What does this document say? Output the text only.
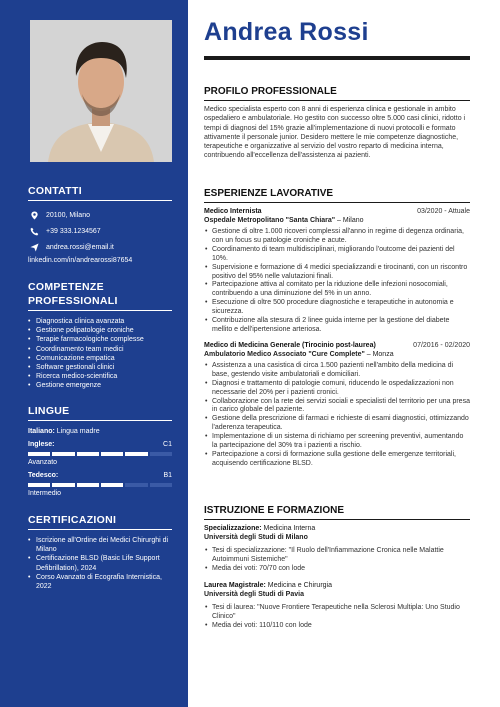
CONTATTI
20100, Milano
+39 333.1234567
andrea.rossi@email.it
linkedin.com/in/andrearossi87654
COMPETENZE
PROFESSIONALI
• Diagnostica clinica avanzata
• Gestione polipatologie croniche
• Terapie farmacologiche complesse
• Coordinamento team medici
• Comunicazione empatica
• Software gestionali clinici
• Ricerca medico-scientifica
• Gestione emergenze
LINGUE
Italiano:
Lingua madre
Inglese:	C1
Avanzato
Tedesco:	B1
Intermedio
CERTIFICAZIONI
• Iscrizione all'Ordine dei Medici Chirurghi di Milano
• Certificazione BLSD (Basic Life Support Defibrillation), 2024
• Corso Avanzato di Ecografia Internistica, 2022
Andrea Rossi
PROFILO PROFESSIONALE
Medico specialista esperto con 8 anni di esperienza clinica e gestionale in ambito ospedaliero e ambulatoriale. Ho gestito con successo oltre 5.000 casi clinici, ridotto i tempi di diagnosi del 15% grazie all'implementazione di nuovi protocolli e formato attivamente il personale junior. Desidero mettere le mie competenze diagnostiche, terapeutiche e organizzative al servizio del vostro reparto di medicina interna, contribuendo all'eccellenza dell'assistenza ai pazienti.
ESPERIENZE LAVORATIVE
Medico Internista	03/2020 - Attuale
Ospedale Metropolitano "Santa Chiara" – Milano
• Gestione di oltre 1.000 ricoveri complessi all'anno in regime di degenza ordinaria, con un focus su patologie croniche e acute.
• Coordinamento di team multidisciplinari, migliorando l'outcome dei pazienti del 10%.
• Supervisione e formazione di 4 medici specializzandi e tirocinanti, con un riscontro positivo del 95% nelle valutazioni finali.
• Partecipazione attiva al comitato per la riduzione delle infezioni nosocomiali, contribuendo a una diminuzione del 5% in un anno.
• Esecuzione di oltre 500 procedure diagnostiche e terapeutiche in autonomia e sicurezza.
• Contribuzione alla stesura di 2 linee guida interne per la gestione del diabete mellito e dell'ipertensione arteriosa.
Medico di Medicina Generale (Tirocinio post-laurea)	07/2016 - 02/2020
Ambulatorio Medico Associato "Cure Complete" – Monza
• Assistenza a una casistica di circa 1.500 pazienti nell'ambito della medicina di base, gestendo visite ambulatoriali e domiciliari.
• Diagnosi e trattamento di patologie comuni, riducendo le ospedalizzazioni non necessarie del 20% per i pazienti cronici.
• Collaborazione con la rete dei servizi sociali e specialisti del territorio per una presa in carico globale del paziente.
• Gestione della prescrizione di farmaci e richieste di esami diagnostici, ottimizzando l'aderenza terapeutica.
• Implementazione di un sistema di richiamo per screening preventivi, aumentando la partecipazione del 30% tra i pazienti a rischio.
• Partecipazione a corsi di formazione sulla gestione delle emergenze territoriali, acquisendo certificazione BLSD.
ISTRUZIONE E FORMAZIONE
Specializzazione: Medicina Interna
Università degli Studi di Milano
• Tesi di specializzazione: "Il Ruolo dell'Infiammazione Cronica nelle Malattie Autoimmuni Sistemiche"
• Media dei voti: 70/70 con lode
Laurea Magistrale: Medicina e Chirurgia
Università degli Studi di Pavia
• Tesi di laurea: "Nuove Frontiere Terapeutiche nella Sclerosi Multipla: Uno Studio Clinico"
• Media dei voti: 110/110 con lode
